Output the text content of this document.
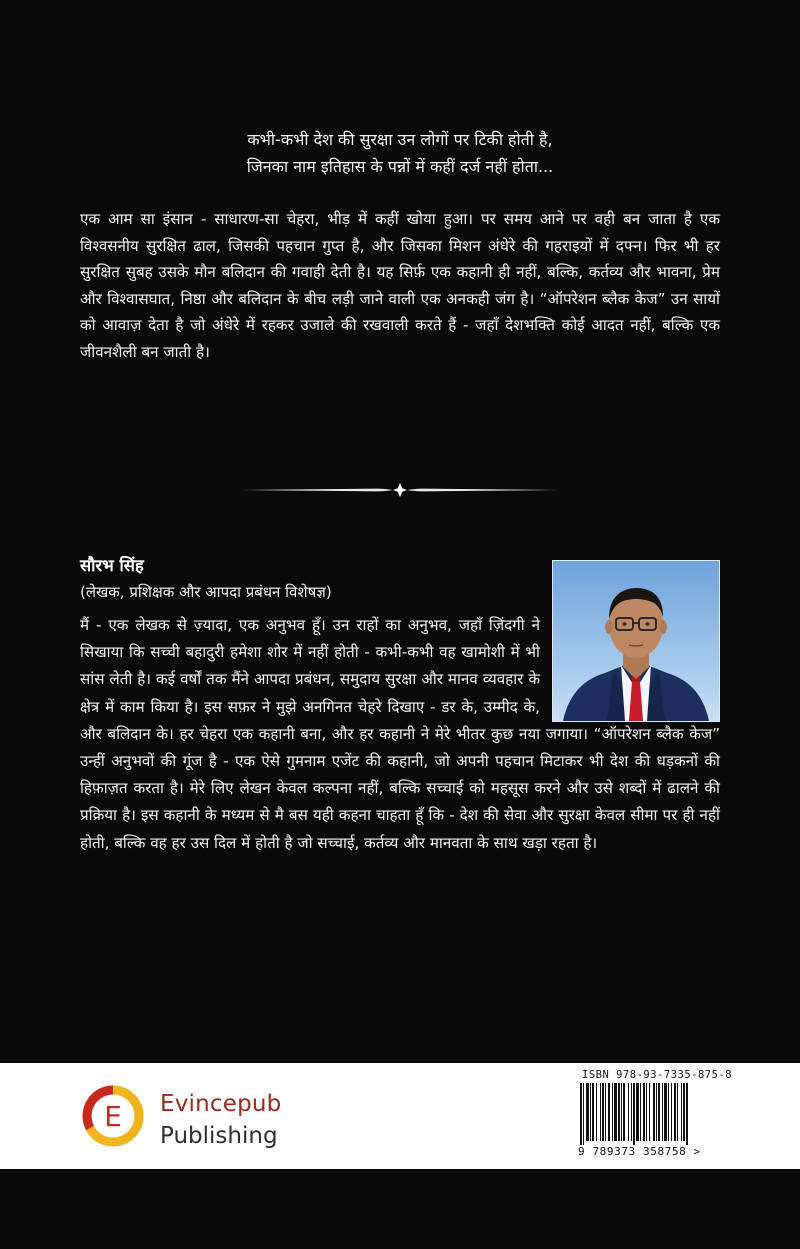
कभी-कभी देश की सुरक्षा उन लोगों पर टिकी होती है,
जिनका नाम इतिहास के पन्नों में कहीं दर्ज नहीं होता...
एक आम सा इंसान - साधारण-सा चेहरा, भीड़ में कहीं खोया हुआ। पर समय आने पर वही बन जाता है एक विश्वसनीय सुरक्षित ढाल, जिसकी पहचान गुप्त है, और जिसका मिशन अंधेरे की गहराइयों में दफ्न। फिर भी हर सुरक्षित सुबह उसके मौन बलिदान की गवाही देती है। यह सिर्फ़ एक कहानी ही नहीं, बल्कि, कर्तव्य और भावना, प्रेम और विश्वासघात, निष्ठा और बलिदान के बीच लड़ी जाने वाली एक अनकही जंग है। “ऑपरेशन ब्लैक केज” उन सायों को आवाज़ देता है जो अंधेरे में रहकर उजाले की रखवाली करते हैं - जहाँ देशभक्ति कोई आदत नहीं, बल्कि एक जीवनशैली बन जाती है।
सौरभ सिंह
(लेखक, प्रशिक्षक और आपदा प्रबंधन विशेषज्ञ)
मैं - एक लेखक से ज़्यादा, एक अनुभव हूँ। उन राहों का अनुभव, जहाँ ज़िंदगी ने सिखाया कि सच्ची बहादुरी हमेशा शोर में नहीं होती - कभी-कभी वह खामोशी में भी सांस लेती है। कई वर्षों तक मैंने आपदा प्रबंधन, समुदाय सुरक्षा और मानव व्यवहार के क्षेत्र में काम किया है। इस सफ़र ने मुझे अनगिनत चेहरे दिखाए - डर के, उम्मीद के, और बलिदान के। हर चेहरा एक कहानी बना, और हर कहानी ने मेरे भीतर कुछ नया जगाया। “ऑपरेशन ब्लैक केज” उन्हीं अनुभवों की गूंज है - एक ऐसे गुमनाम एजेंट की कहानी, जो अपनी पहचान मिटाकर भी देश की धड़कनों की हिफ़ाज़त करता है। मेरे लिए लेखन केवल कल्पना नहीं, बल्कि सच्चाई को महसूस करने और उसे शब्दों में ढालने की प्रक्रिया है। इस कहानी के मध्यम से मै बस यही कहना चाहता हूँ कि - देश की सेवा और सुरक्षा केवल सीमा पर ही नहीं होती, बल्कि वह हर उस दिल में होती है जो सच्चाई, कर्तव्य और मानवता के साथ खड़ा रहता है।
E Evincepub
Publishing
ISBN 978-93-7335-875-8
9 789373 358758 >
